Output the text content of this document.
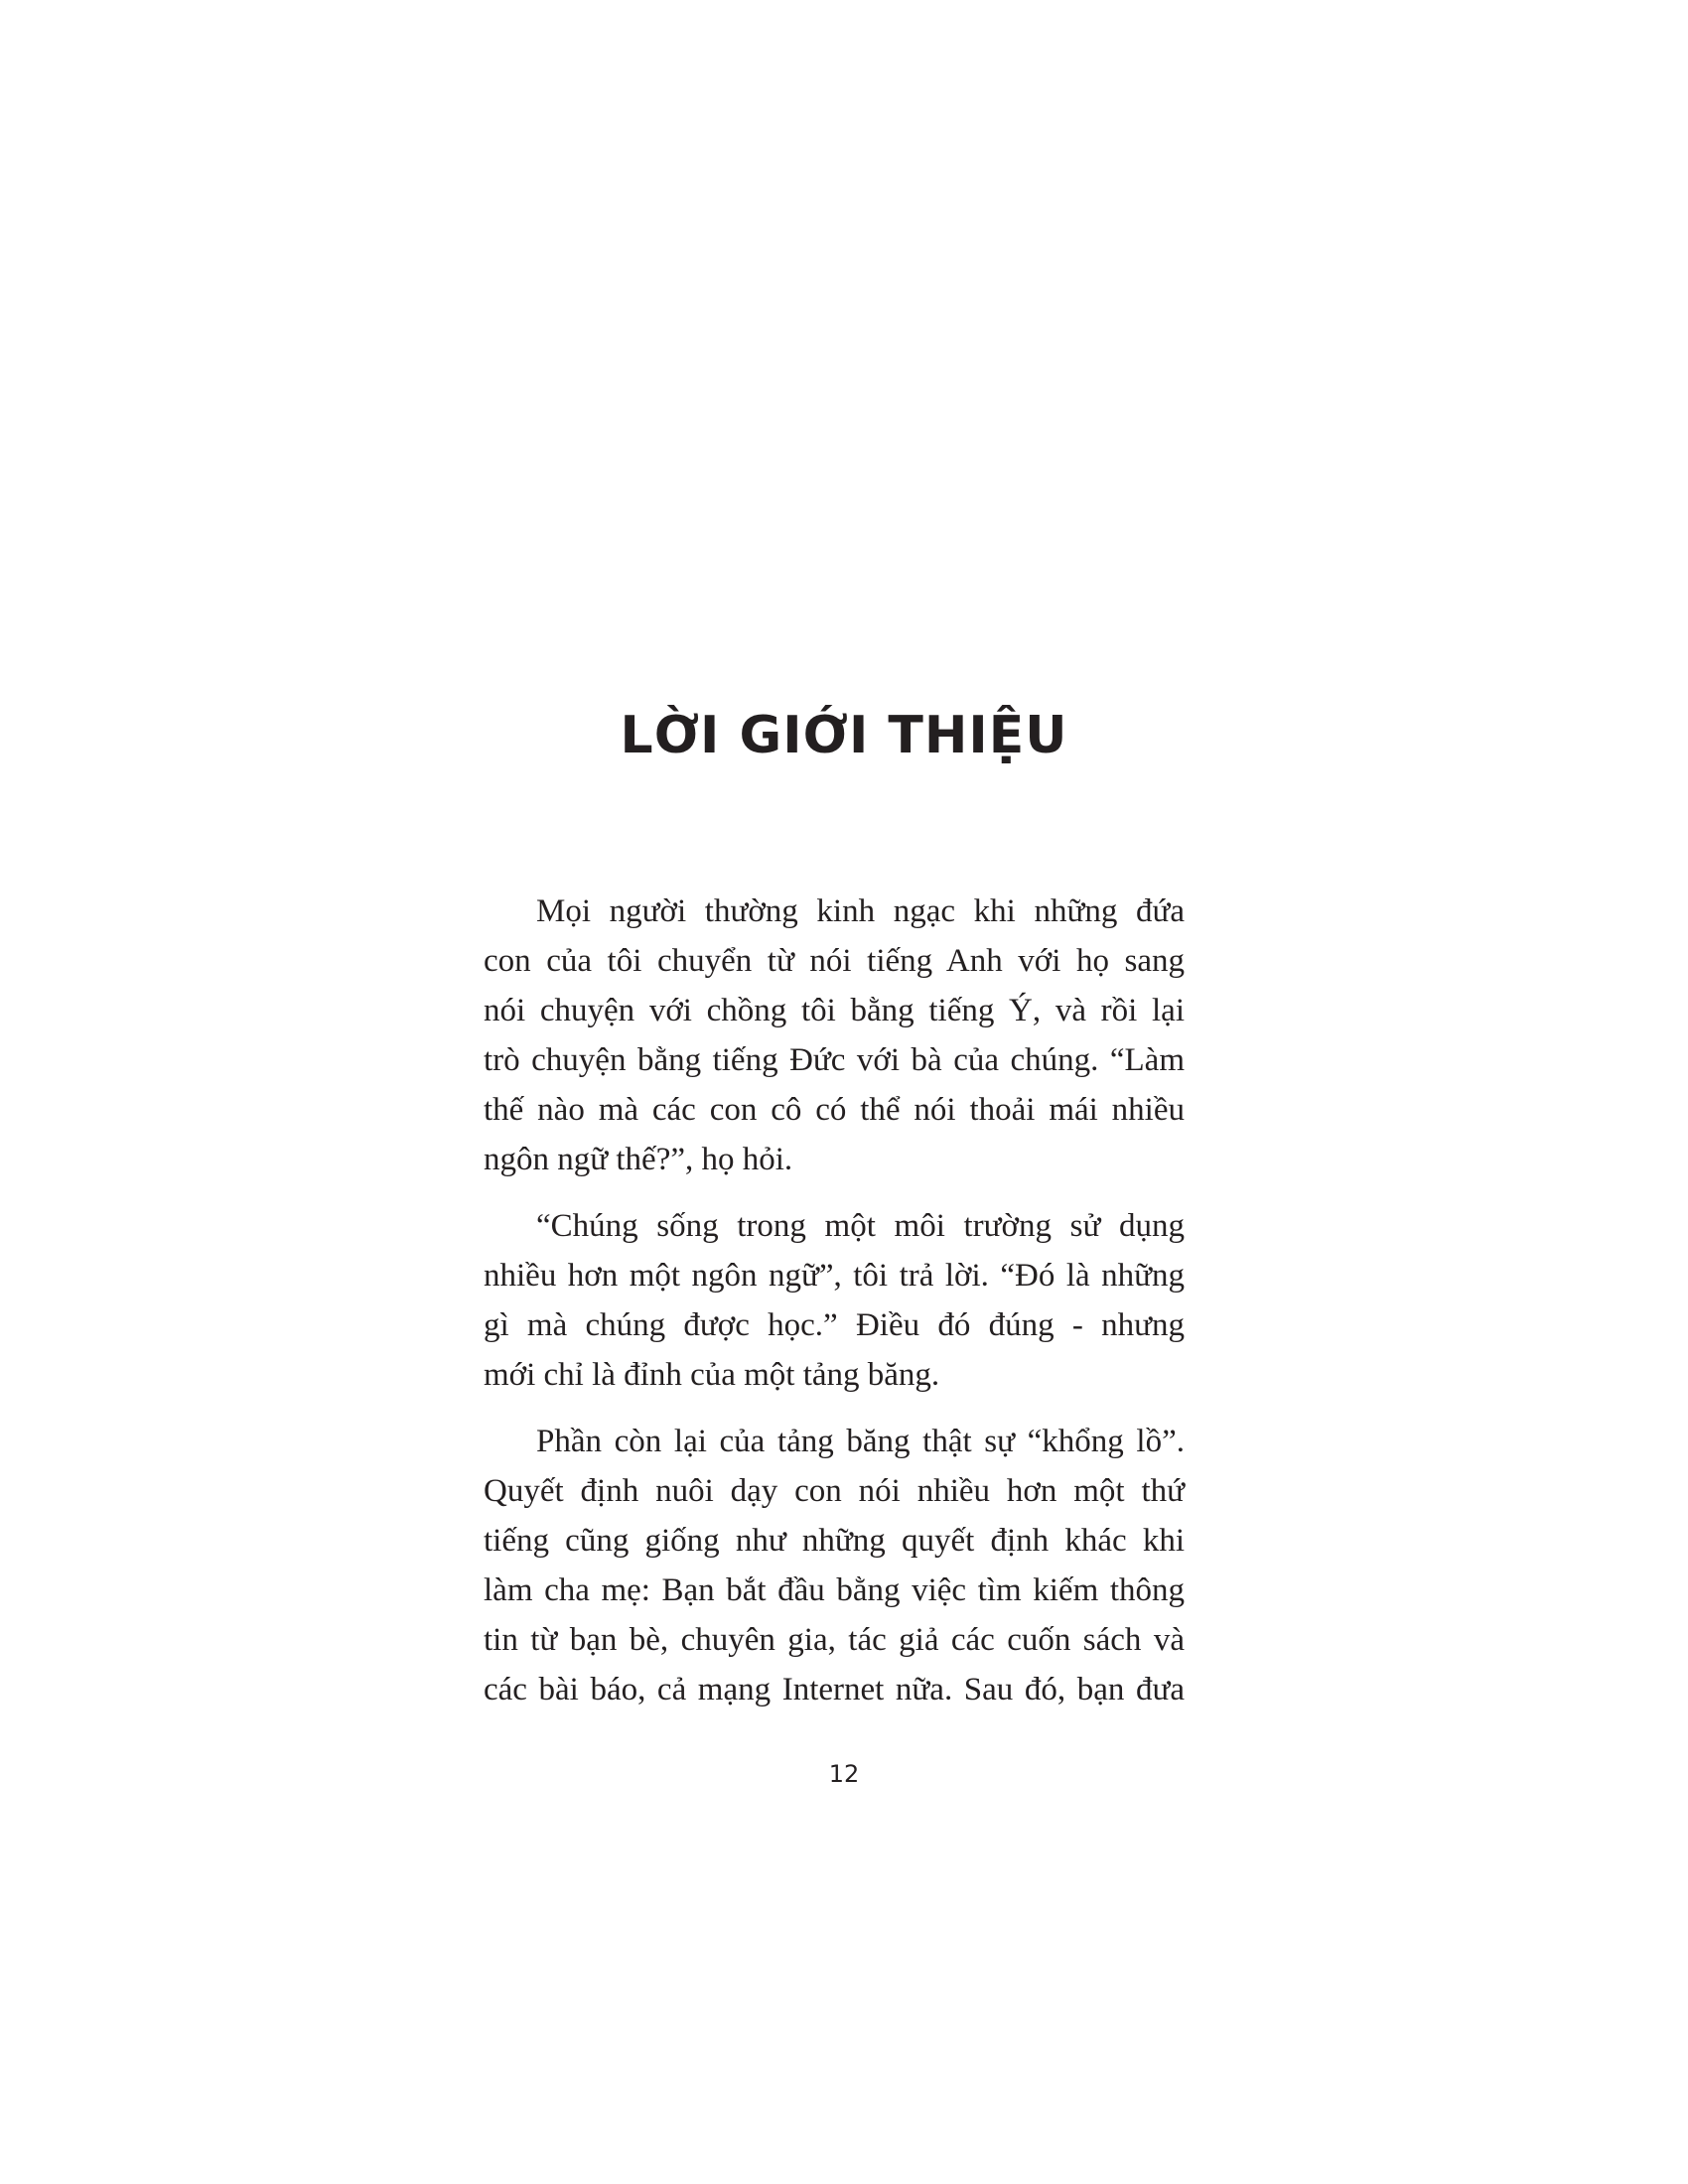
LỜI GIỚI THIỆU

Mọi người thường kinh ngạc khi những đứa
con của tôi chuyển từ nói tiếng Anh với họ sang
nói chuyện với chồng tôi bằng tiếng Ý, và rồi lại
trò chuyện bằng tiếng Đức với bà của chúng. “Làm
thế nào mà các con cô có thể nói thoải mái nhiều
ngôn ngữ thế?”, họ hỏi.

“Chúng sống trong một môi trường sử dụng
nhiều hơn một ngôn ngữ”, tôi trả lời. “Đó là những
gì mà chúng được học.” Điều đó đúng - nhưng
mới chỉ là đỉnh của một tảng băng.

Phần còn lại của tảng băng thật sự “khổng lồ”.
Quyết định nuôi dạy con nói nhiều hơn một thứ
tiếng cũng giống như những quyết định khác khi
làm cha mẹ: Bạn bắt đầu bằng việc tìm kiếm thông
tin từ bạn bè, chuyên gia, tác giả các cuốn sách và
các bài báo, cả mạng Internet nữa. Sau đó, bạn đưa

12
